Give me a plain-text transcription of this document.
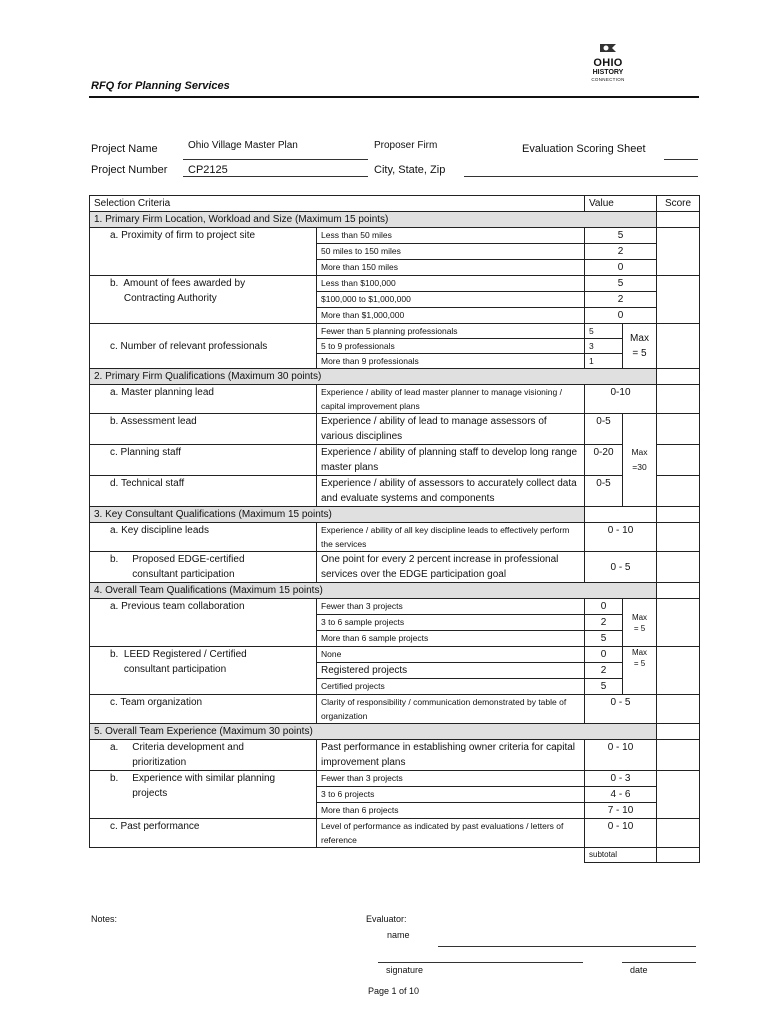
RFQ for Planning Services
OHIO
HISTORY
CONNECTION
Project Name	Ohio Village Master Plan
Project Number CP2125
Proposer Firm	Evaluation Scoring Sheet
City, State, Zip
Selection Criteria		Value		Score
1. Primary Firm Location, Workload and Size (Maximum 15 points)				
a. Proximity of firm to project site	Less than 50 miles	5		
	50 miles to 150 miles	2		
	More than 150 miles	0		
b.  Amount of fees awarded by
Contracting Authority	Less than $100,000	5		
	$100,000 to $1,000,000	2		
	More than $1,000,000	0		
c. Number of relevant professionals	Fewer than 5 planning professionals	5	Max
= 5	
	5 to 9 professionals	3		
	More than 9 professionals	1		
2. Primary Firm Qualifications (Maximum 30 points)				
a. Master planning lead	Experience / ability of lead master planner to manage visioning / capital improvement plans	0-10		
b. Assessment lead	Experience / ability of lead to manage assessors of various disciplines	0-5	Max
=30	
c. Planning staff	Experience / ability of planning staff to develop long range master plans	0-20		
d. Technical staff	Experience / ability of assessors to accurately collect data and evaluate systems and components	0-5		
3. Key Consultant Qualifications (Maximum 15 points)				
a. Key discipline leads	Experience / ability of all key discipline leads to effectively perform the services	0 - 10		
b.     Proposed EDGE-certified
consultant participation	One point for every 2 percent increase in professional services over the EDGE participation goal	0 - 5		
4. Overall Team Qualifications (Maximum 15 points)				
a. Previous team collaboration	Fewer than 3 projects	0	Max
= 5	
	3 to 6 sample projects	2		
	More than 6 sample projects	5		
b.  LEED Registered / Certified
consultant participation	None	0	Max
= 5	
	Registered projects	2		
	Certified projects	5		
c. Team organization	Clarity of responsibility / communication demonstrated by table of organization	0 - 5		
5. Overall Team Experience (Maximum 30 points)				
a.     Criteria development and
prioritization	Past performance in establishing owner criteria for capital improvement plans	0 - 10		
b.     Experience with similar planning
projects	Fewer than 3 projects	0 - 3		
	3 to 6 projects	4 - 6		
	More than 6 projects	7 - 10		
c. Past performance	Level of performance as indicated by past evaluations / letters of reference	0 - 10		
		subtotal		
Notes:	Evaluator:
name
signature	date
Page 1 of 10
